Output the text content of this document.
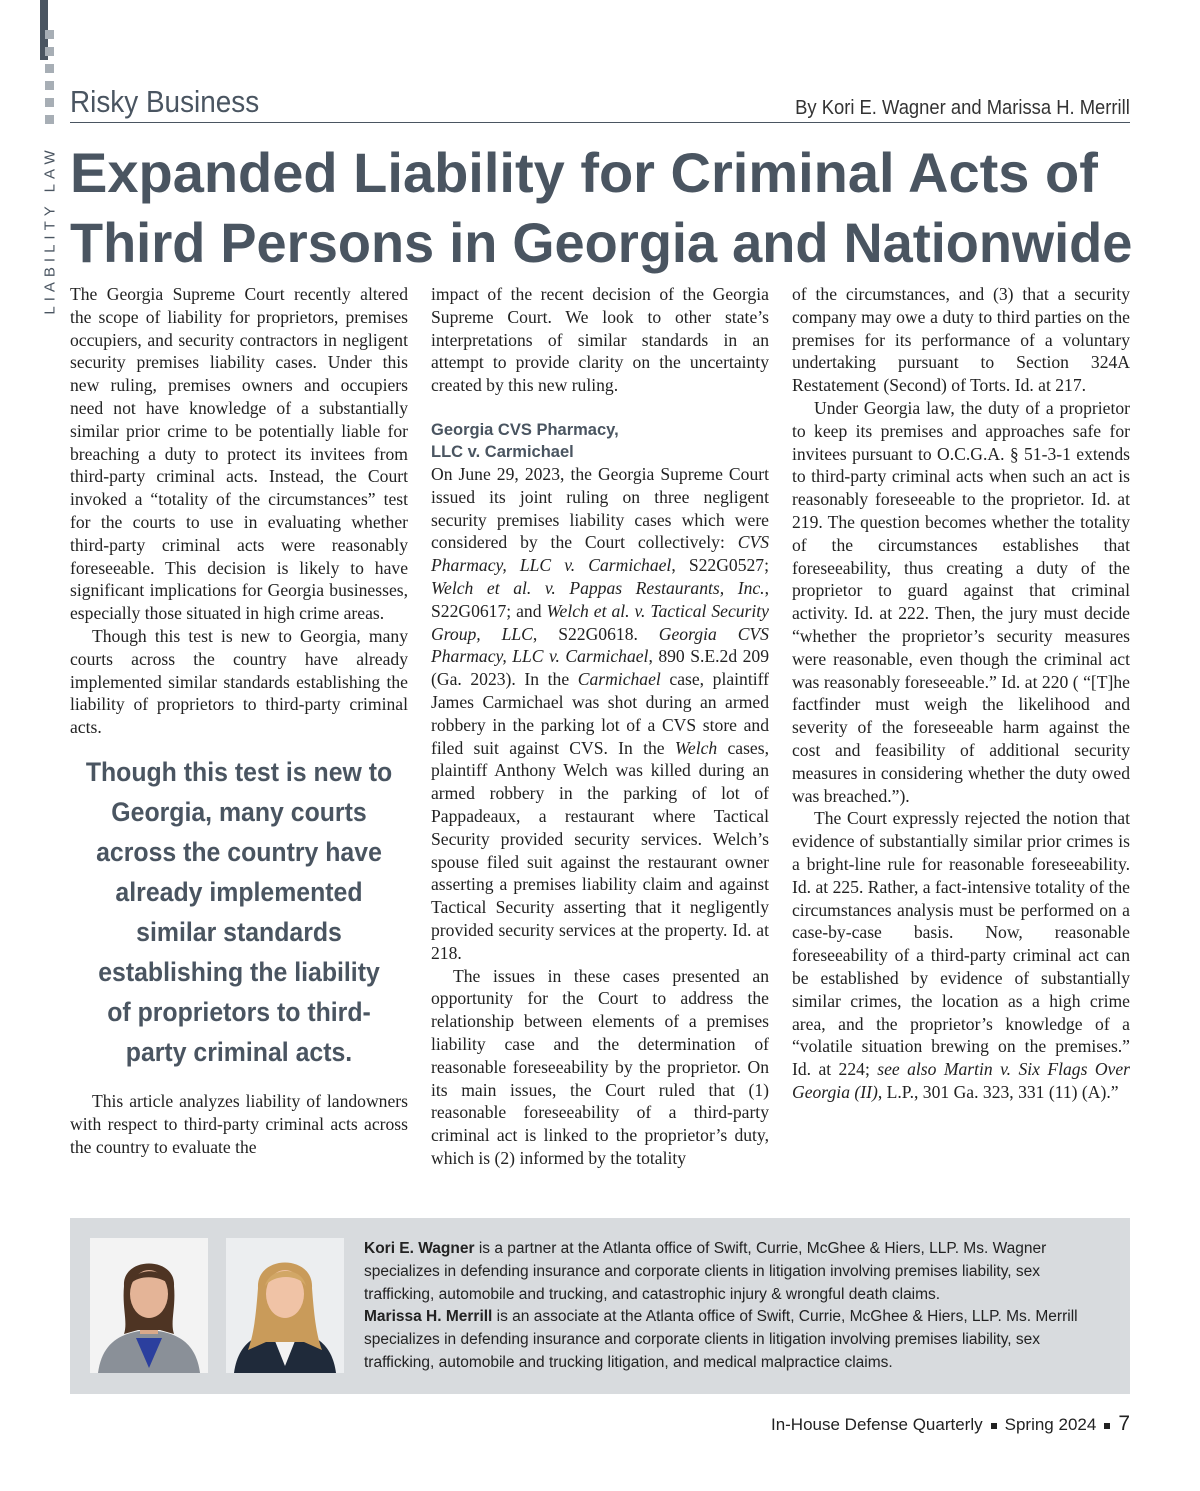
LIABILITY LAW
Risky Business	By Kori E. Wagner and Marissa H. Merrill
Expanded Liability for Criminal Acts of
Third Persons in Georgia and Nationwide

The Georgia Supreme Court recently altered the scope of liability for proprietors, premises occupiers, and security contractors in negligent security premises liability cases. Under this new ruling, premises owners and occupiers need not have knowledge of a substantially similar prior crime to be potentially liable for breaching a duty to protect its invitees from third-party criminal acts. Instead, the Court invoked a “totality of the circumstances” test for the courts to use in evaluating whether third-party criminal acts were reasonably foreseeable. This decision is likely to have significant implications for Georgia businesses, especially those situated in high crime areas.

Though this test is new to Georgia, many courts across the country have already implemented similar standards establishing the liability of proprietors to third-party criminal acts.

Though this test is new to Georgia, many courts across the country have already implemented similar standards establishing the liability of proprietors to third-party criminal acts.

This article analyzes liability of landowners with respect to third-party criminal acts across the country to evaluate the

impact of the recent decision of the Georgia Supreme Court. We look to other state’s interpretations of similar standards in an attempt to provide clarity on the uncertainty created by this new ruling.

Georgia CVS Pharmacy,
LLC v. Carmichael

On June 29, 2023, the Georgia Supreme Court issued its joint ruling on three negligent security premises liability cases which were considered by the Court collectively: CVS Pharmacy, LLC v. Carmichael, S22G0527; Welch et al. v. Pappas Restaurants, Inc., S22G0617; and Welch et al. v. Tactical Security Group, LLC, S22G0618. Georgia CVS Pharmacy, LLC v. Carmichael, 890 S.E.2d 209 (Ga. 2023). In the Carmichael case, plaintiff James Carmichael was shot during an armed robbery in the parking lot of a CVS store and filed suit against CVS. In the Welch cases, plaintiff Anthony Welch was killed during an armed robbery in the parking of lot of Pappadeaux, a restaurant where Tactical Security provided security services. Welch’s spouse filed suit against the restaurant owner asserting a premises liability claim and against Tactical Security asserting that it negligently provided security services at the property. Id. at 218.

The issues in these cases presented an opportunity for the Court to address the relationship between elements of a premises liability case and the determination of reasonable foreseeability by the proprietor. On its main issues, the Court ruled that (1) reasonable foreseeability of a third-party criminal act is linked to the proprietor’s duty, which is (2) informed by the totality

of the circumstances, and (3) that a security company may owe a duty to third parties on the premises for its performance of a voluntary undertaking pursuant to Section 324A Restatement (Second) of Torts. Id. at 217.

Under Georgia law, the duty of a proprietor to keep its premises and approaches safe for invitees pursuant to O.C.G.A. § 51-3-1 extends to third-party criminal acts when such an act is reasonably foreseeable to the proprietor. Id. at 219. The question becomes whether the totality of the circumstances establishes that foreseeability, thus creating a duty of the proprietor to guard against that criminal activity. Id. at 222. Then, the jury must decide “whether the proprietor’s security measures were reasonable, even though the criminal act was reasonably foreseeable.” Id. at 220 ( “[T]he factfinder must weigh the likelihood and severity of the foreseeable harm against the cost and feasibility of additional security measures in considering whether the duty owed was breached.”).

The Court expressly rejected the notion that evidence of substantially similar prior crimes is a bright-line rule for reasonable foreseeability. Id. at 225. Rather, a fact-intensive totality of the circumstances analysis must be performed on a case-by-case basis. Now, reasonable foreseeability of a third-party criminal act can be established by evidence of substantially similar crimes, the location as a high crime area, and the proprietor’s knowledge of a “volatile situation brewing on the premises.” Id. at 224; see also Martin v. Six Flags Over Georgia (II), L.P., 301 Ga. 323, 331 (11) (A).”

Kori E. Wagner is a partner at the Atlanta office of Swift, Currie, McGhee & Hiers, LLP. Ms. Wagner specializes in defending insurance and corporate clients in litigation involving premises liability, sex trafficking, automobile and trucking, and catastrophic injury & wrongful death claims.

Marissa H. Merrill is an associate at the Atlanta office of Swift, Currie, McGhee & Hiers, LLP. Ms. Merrill specializes in defending insurance and corporate clients in litigation involving premises liability, sex trafficking, automobile and trucking litigation, and medical malpractice claims.

In-House Defense Quarterly Spring 2024 7
